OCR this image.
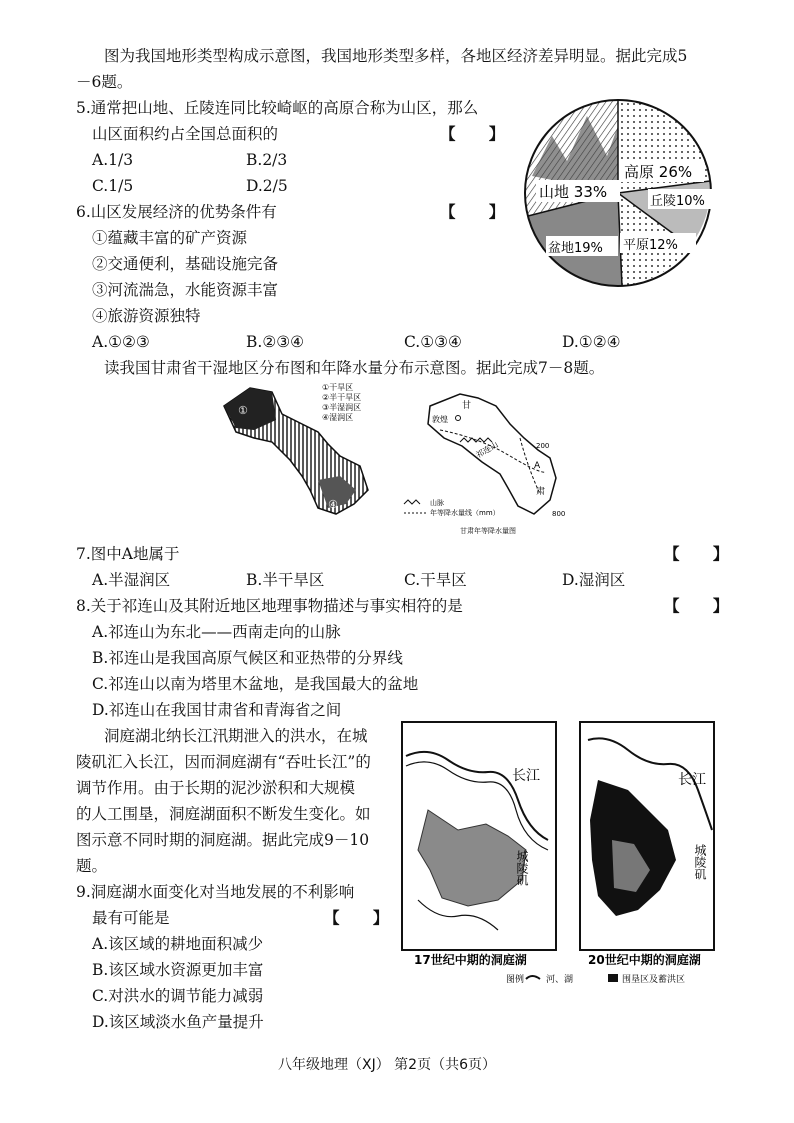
图为我国地形类型构成示意图，我国地形类型多样，各地区经济差异明显。据此完成5
－6题。
5.通常把山地、丘陵连同比较崎岖的高原合称为山区，那么
山区面积约占全国总面积的	【 】
A.1/3	B.2/3
C.1/5	D.2/5
6.山区发展经济的优势条件有	【 】
①蕴藏丰富的矿产资源
②交通便利，基础设施完备
③河流湍急，水能资源丰富
④旅游资源独特
A.①②③	B.②③④	C.①③④	D.①②④
高原 26%
山地 33%
丘陵10%
平原12%
盆地19%
读我国甘肃省干湿地区分布图和年降水量分布示意图。据此完成7－8题。
①
④
①干旱区
②半干旱区
③半湿润区
④湿润区	敦煌
甘
祁连山
A
肃
200
800
山脉
年等降水量线（mm）
甘肃年等降水量图
7.图中A地属于	【 】
A.半湿润区	B.半干旱区	C.干旱区	D.湿润区
8.关于祁连山及其附近地区地理事物描述与事实相符的是	【 】
A.祁连山为东北——西南走向的山脉
B.祁连山是我国高原气候区和亚热带的分界线
C.祁连山以南为塔里木盆地，是我国最大的盆地
D.祁连山在我国甘肃省和青海省之间
洞庭湖北纳长江汛期泄入的洪水，在城
陵矶汇入长江，因而洞庭湖有“吞吐长江”的
调节作用。由于长期的泥沙淤积和大规模
的人工围垦，洞庭湖面积不断发生变化。如
图示意不同时期的洞庭湖。据此完成9－10
题。
9.洞庭湖水面变化对当地发展的不利影响
最有可能是	【 】
A.该区域的耕地面积减少
B.该区域水资源更加丰富
C.对洪水的调节能力减弱
D.该区域淡水鱼产量提升
长江
城陵矶
17世纪中期的洞庭湖
长江
城陵矶
20世纪中期的洞庭湖
图例 河、湖	围垦区及蓄洪区
八年级地理（XJ） 第2页（共6页）
